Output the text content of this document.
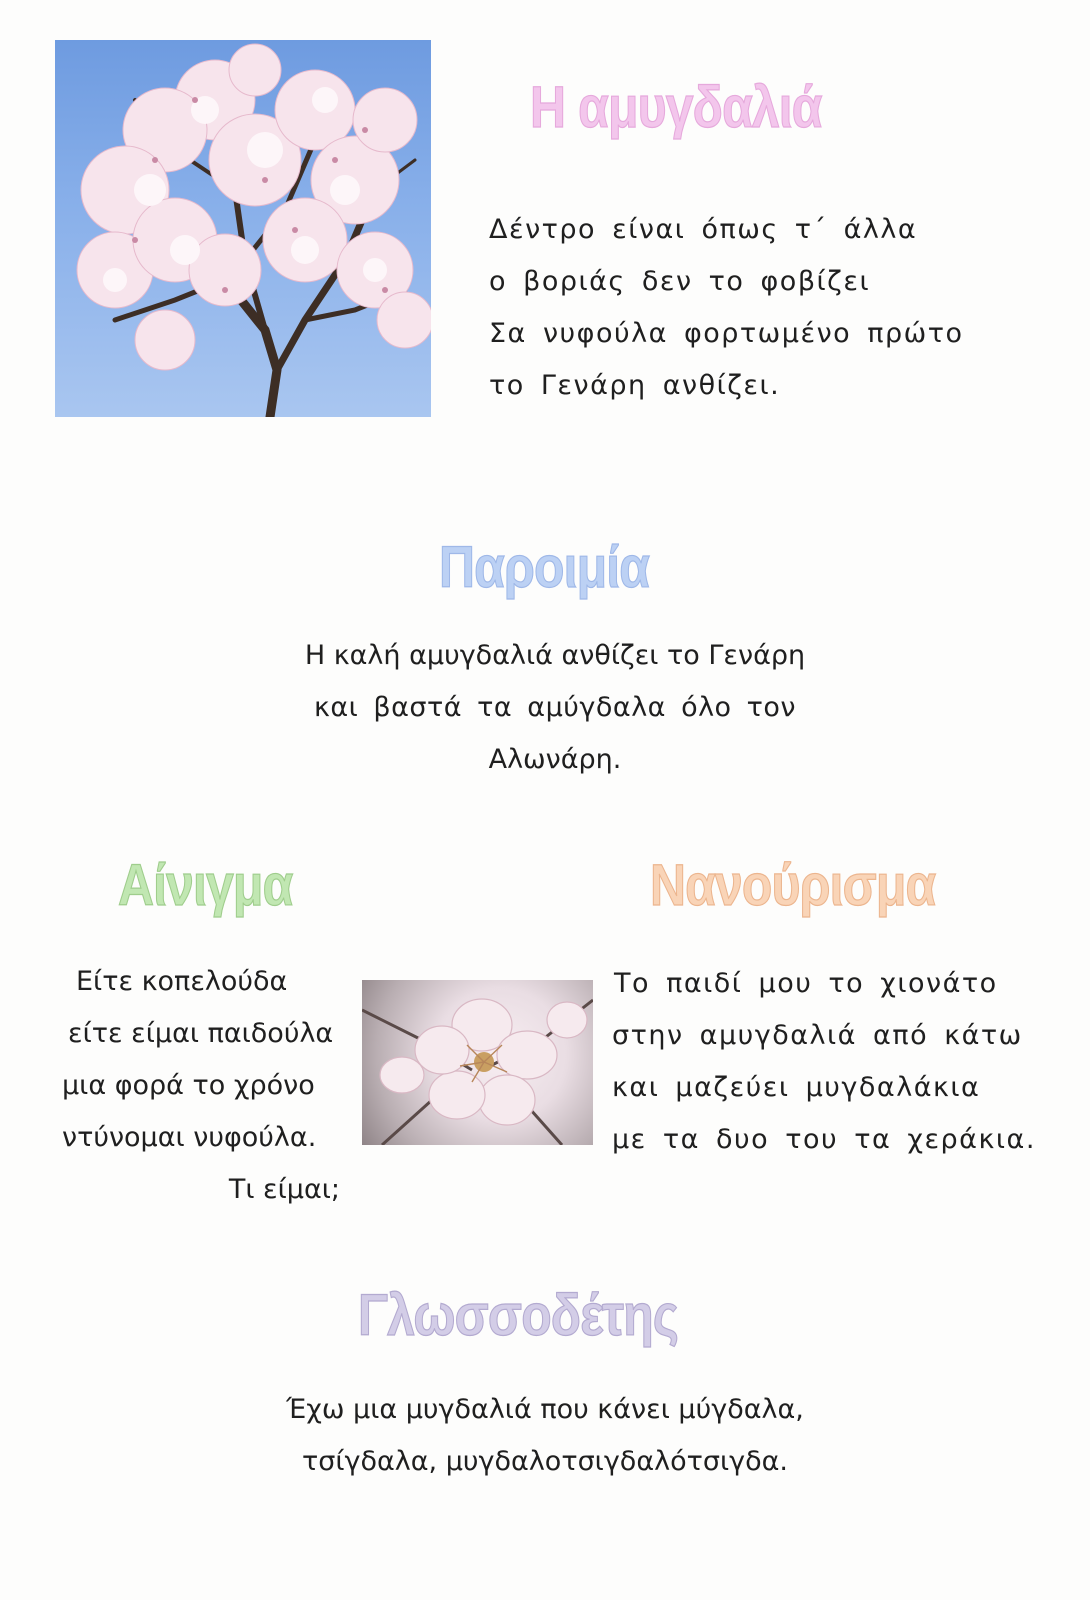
Η αμυγδαλιά
Δέντρο είναι όπως τ΄ άλλα
ο βοριάς δεν το φοβίζει
Σα νυφούλα φορτωμένο πρώτο
το Γενάρη ανθίζει.
Παροιμία
Η καλή αμυγδαλιά ανθίζει το Γενάρη
και βαστά τα αμύγδαλα όλο τον
Αλωνάρη.
Αίνιγμα
Είτε κοπελούδα
είτε είμαι παιδούλα
μια φορά το χρόνο
ντύνομαι νυφούλα.
Τι είμαι;
Νανούρισμα
Το παιδί μου το χιονάτο
στην αμυγδαλιά από κάτω
και μαζεύει μυγδαλάκια
με τα δυο του τα χεράκια.
Γλωσσοδέτης
Έχω μια μυγδαλιά που κάνει μύγδαλα,
τσίγδαλα, μυγδαλοτσιγδαλότσιγδα.
